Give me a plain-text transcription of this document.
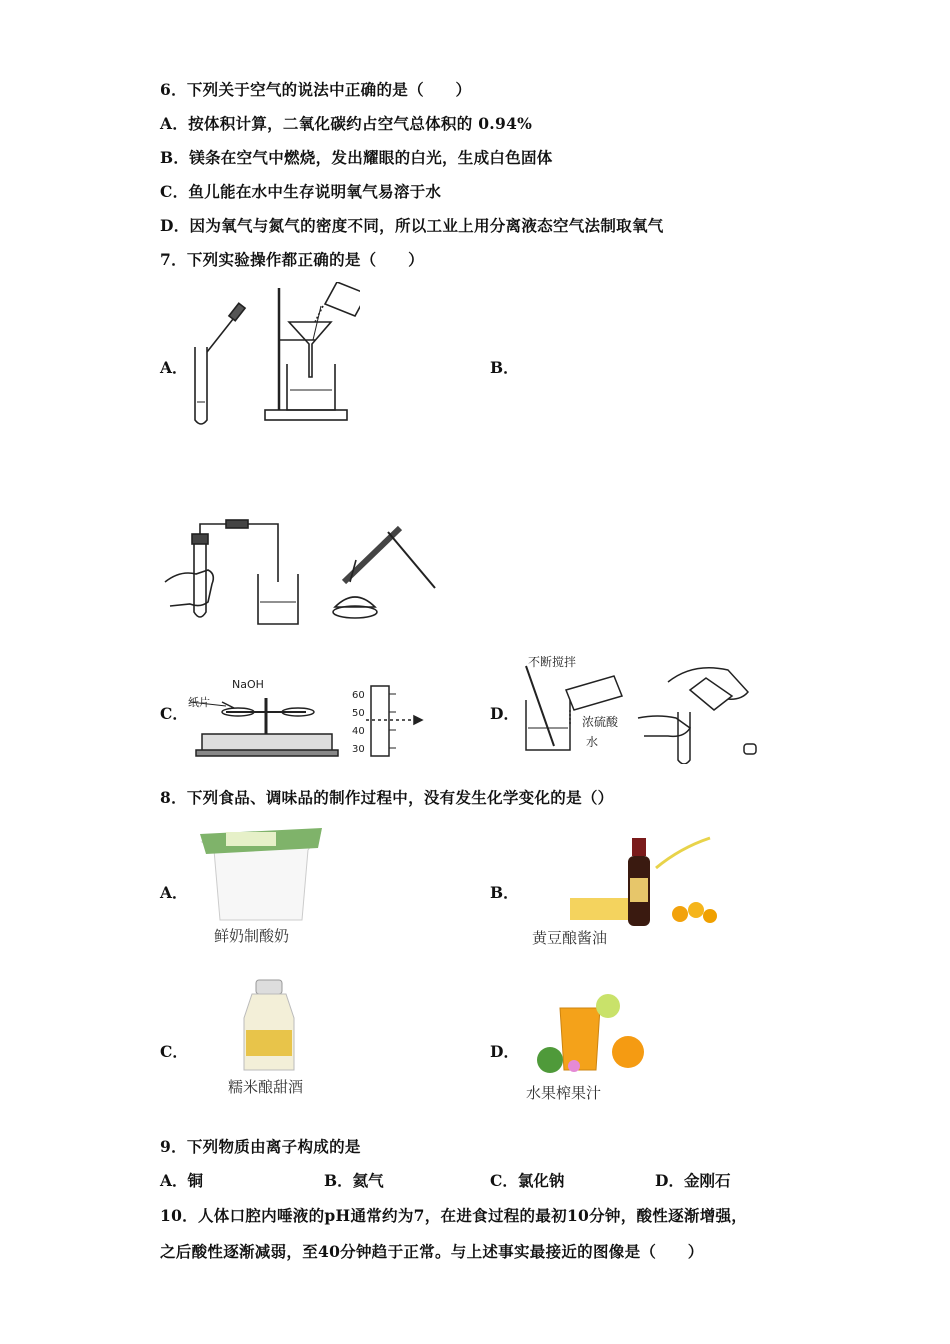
6．下列关于空气的说法中正确的是（　　）
A．按体积计算，二氧化碳约占空气总体积的 0.94%
B．镁条在空气中燃烧，发出耀眼的白光，生成白色固体
C．鱼儿能在水中生存说明氧气易溶于水
D．因为氧气与氮气的密度不同，所以工业上用分离液态空气法制取氧气
7．下列实验操作都正确的是（　　）
A．	B．
C．	D．
NaOH
纸片
60
50
40
30
不断搅拌
浓硫酸
水
8．下列食品、调味品的制作过程中，没有发生化学变化的是（）
A．	B．
鲜奶制酸奶	黄豆酿酱油
C．	D．
糯米酿甜酒	水果榨果汁
9．下列物质由离子构成的是
A．铜	B．氦气	C．氯化钠	D．金刚石
10．人体口腔内唾液的pH通常约为7，在进食过程的最初10分钟，酸性逐渐增强，
之后酸性逐渐减弱，至40分钟趋于正常。与上述事实最接近的图像是（　　）
